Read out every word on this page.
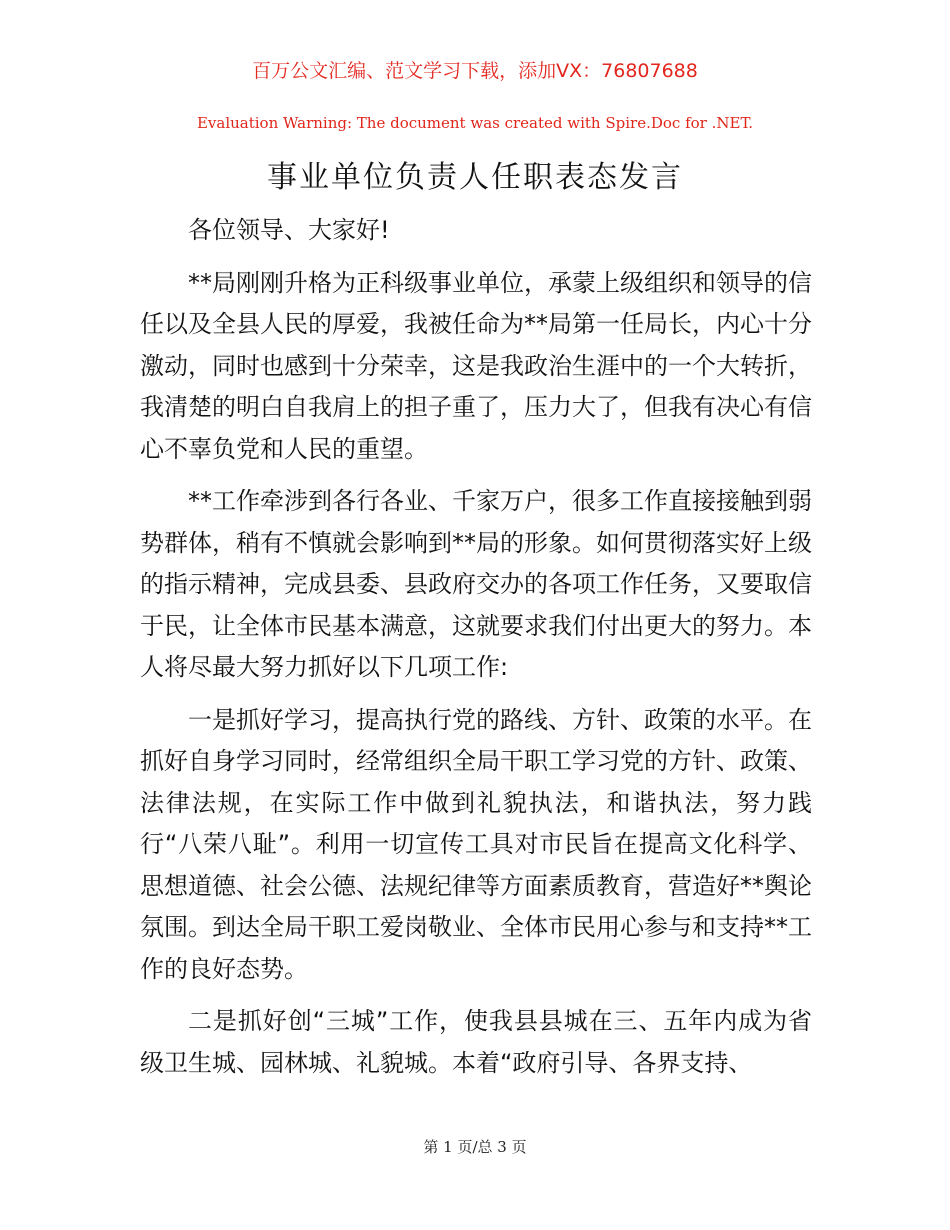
百万公文汇编、范文学习下载，添加VX：76807688
Evaluation Warning: The document was created with Spire.Doc for .NET.
事业单位负责人任职表态发言

各位领导、大家好!

**局刚刚升格为正科级事业单位，承蒙上级组织和领导的信任以及全县人民的厚爱，我被任命为**局第一任局长，内心十分激动，同时也感到十分荣幸，这是我政治生涯中的一个大转折，我清楚的明白自我肩上的担子重了，压力大了，但我有决心有信心不辜负党和人民的重望。

**工作牵涉到各行各业、千家万户，很多工作直接接触到弱势群体，稍有不慎就会影响到**局的形象。如何贯彻落实好上级的指示精神，完成县委、县政府交办的各项工作任务，又要取信于民，让全体市民基本满意，这就要求我们付出更大的努力。本人将尽最大努力抓好以下几项工作:

一是抓好学习，提高执行党的路线、方针、政策的水平。在抓好自身学习同时，经常组织全局干职工学习党的方针、政策、法律法规，在实际工作中做到礼貌执法，和谐执法，努力践行“八荣八耻”。利用一切宣传工具对市民旨在提高文化科学、思想道德、社会公德、法规纪律等方面素质教育，营造好**舆论氛围。到达全局干职工爱岗敬业、全体市民用心参与和支持**工作的良好态势。

二是抓好创“三城”工作，使我县县城在三、五年内成为省级卫生城、园林城、礼貌城。本着“政府引导、各界支持、

第 1 页/总 3 页
